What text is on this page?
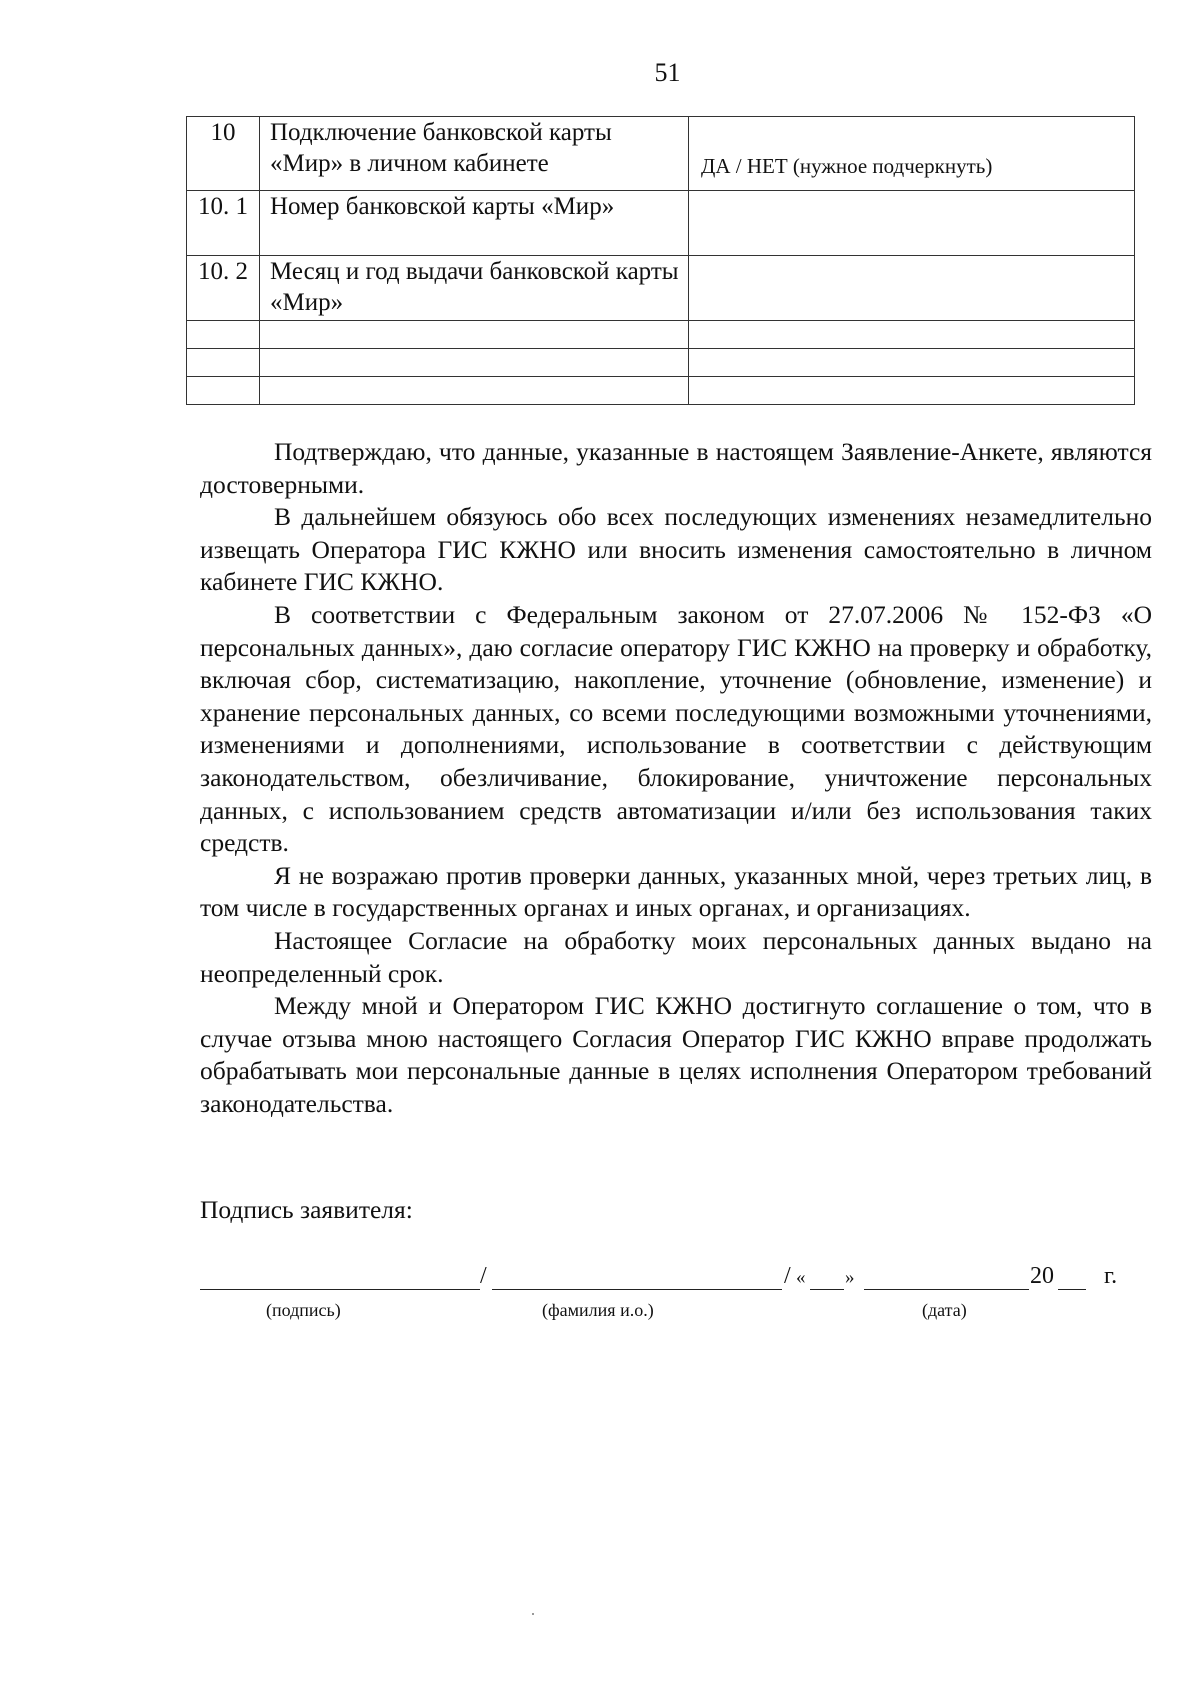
51
10	Подключение банковской карты «Мир» в личном кабинете	ДА / НЕТ (нужное подчеркнуть)
10. 1	Номер банковской карты «Мир»	
10. 2	Месяц и год выдачи банковской карты «Мир»	

Подтверждаю, что данные, указанные в настоящем Заявление-Анкете, являются достоверными.

В дальнейшем обязуюсь обо всех последующих изменениях незамедлительно извещать Оператора ГИС КЖНО или вносить изменения самостоятельно в личном кабинете ГИС КЖНО.

В соответствии с Федеральным законом от 27.07.2006 № 152-ФЗ «О персональных данных», даю согласие оператору ГИС КЖНО на проверку и обработку, включая сбор, систематизацию, накопление, уточнение (обновление, изменение) и хранение персональных данных, со всеми последующими возможными уточнениями, изменениями и дополнениями, использование в соответствии с действующим законодательством, обезличивание, блокирование, уничтожение персональных данных, с использованием средств автоматизации и/или без использования таких средств.

Я не возражаю против проверки данных, указанных мной, через третьих лиц, в том числе в государственных органах и иных органах, и организациях.

Настоящее Согласие на обработку моих персональных данных выдано на неопределенный срок.

Между мной и Оператором ГИС КЖНО достигнуто соглашение о том, что в случае отзыва мною настоящего Согласия Оператор ГИС КЖНО вправе продолжать обрабатывать мои персональные данные в целях исполнения Оператором требований законодательства.

Подпись заявителя:
/	/ « »	20 г.
(подпись)	(фамилия и.о.)	(дата)
